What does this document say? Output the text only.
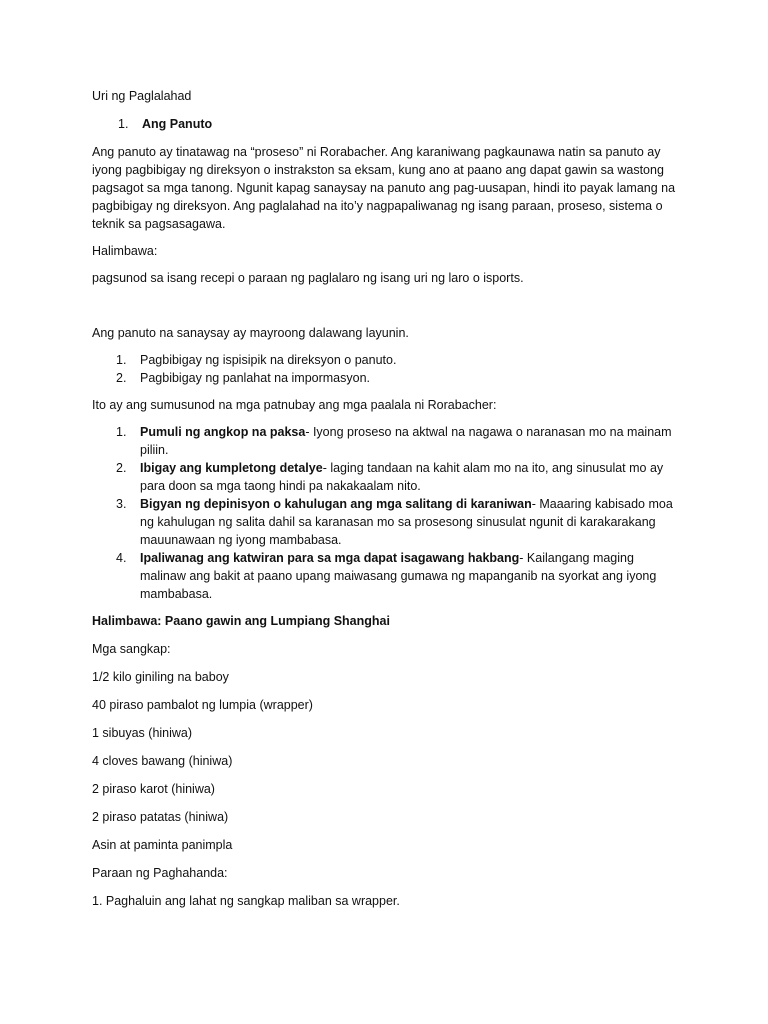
Uri ng Paglalahad

1.	Ang Panuto

Ang panuto ay tinatawag na “proseso” ni Rorabacher. Ang karaniwang pagkaunawa natin sa panuto ay iyong pagbibigay ng direksyon o instrakston sa eksam, kung ano at paano ang dapat gawin sa wastong pagsagot sa mga tanong. Ngunit kapag sanaysay na panuto ang pag-uusapan, hindi ito payak lamang na pagbibigay ng direksyon. Ang paglalahad na ito’y nagpapaliwanag ng isang paraan, proseso, sistema o teknik sa pagsasagawa.

Halimbawa:

pagsunod sa isang recepi o paraan ng paglalaro ng isang uri ng laro o isports.

Ang panuto na sanaysay ay mayroong dalawang layunin.

1.	Pagbibigay ng ispisipik na direksyon o panuto.
2.	Pagbibigay ng panlahat na impormasyon.

Ito ay ang sumusunod na mga patnubay ang mga paalala ni Rorabacher:

1.	Pumuli ng angkop na paksa- Iyong proseso na aktwal na nagawa o naranasan mo na mainam piliin.
2.	Ibigay ang kumpletong detalye- laging tandaan na kahit alam mo na ito, ang sinusulat mo ay para doon sa mga taong hindi pa nakakaalam nito.
3.	Bigyan ng depinisyon o kahulugan ang mga salitang di karaniwan- Maaaring kabisado moa ng kahulugan ng salita dahil sa karanasan mo sa prosesong sinusulat ngunit di karakarakang mauunawaan ng iyong mambabasa.
4.	Ipaliwanag ang katwiran para sa mga dapat isagawang hakbang- Kailangang maging malinaw ang bakit at paano upang maiwasang gumawa ng mapanganib na syorkat ang iyong mambabasa.

Halimbawa: Paano gawin ang Lumpiang Shanghai

Mga sangkap:

1/2 kilo giniling na baboy

40 piraso pambalot ng lumpia (wrapper)

1 sibuyas (hiniwa)

4 cloves bawang (hiniwa)

2 piraso karot (hiniwa)

2 piraso patatas (hiniwa)

Asin at paminta panimpla

Paraan ng Paghahanda:

1. Paghaluin ang lahat ng sangkap maliban sa wrapper.
